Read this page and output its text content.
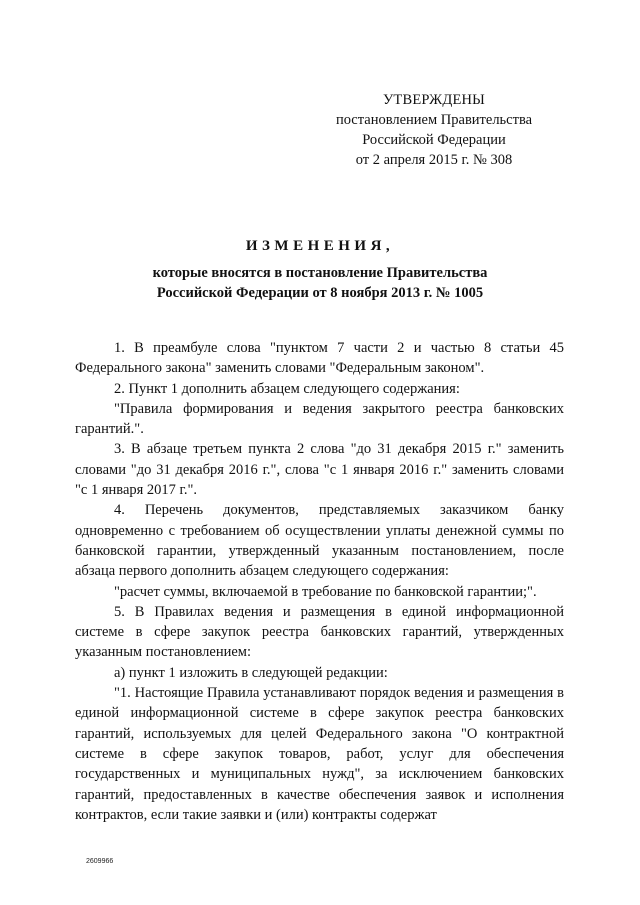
УТВЕРЖДЕНЫ
постановлением Правительства
Российской Федерации
от 2 апреля 2015 г. № 308
ИЗМЕНЕНИЯ,
которые вносятся в постановление Правительства
Российской Федерации от 8 ноября 2013 г. № 1005

1. В преамбуле слова "пунктом 7 части 2 и частью 8 статьи 45 Федерального закона" заменить словами "Федеральным законом".

2. Пункт 1 дополнить абзацем следующего содержания:

"Правила формирования и ведения закрытого реестра банковских гарантий.".

3. В абзаце третьем пункта 2 слова "до 31 декабря 2015 г." заменить словами "до 31 декабря 2016 г.", слова "с 1 января 2016 г." заменить словами "с 1 января 2017 г.".

4. Перечень документов, представляемых заказчиком банку одновременно с требованием об осуществлении уплаты денежной суммы по банковской гарантии, утвержденный указанным постановлением, после абзаца первого дополнить абзацем следующего содержания:

"расчет суммы, включаемой в требование по банковской гарантии;".

5. В Правилах ведения и размещения в единой информационной системе в сфере закупок реестра банковских гарантий, утвержденных указанным постановлением:

а) пункт 1 изложить в следующей редакции:

"1. Настоящие Правила устанавливают порядок ведения и размещения в единой информационной системе в сфере закупок реестра банковских гарантий, используемых для целей Федерального закона "О контрактной системе в сфере закупок товаров, работ, услуг для обеспечения государственных и муниципальных нужд", за исключением банковских гарантий, предоставленных в качестве обеспечения заявок и исполнения контрактов, если такие заявки и (или) контракты содержат

2609966
